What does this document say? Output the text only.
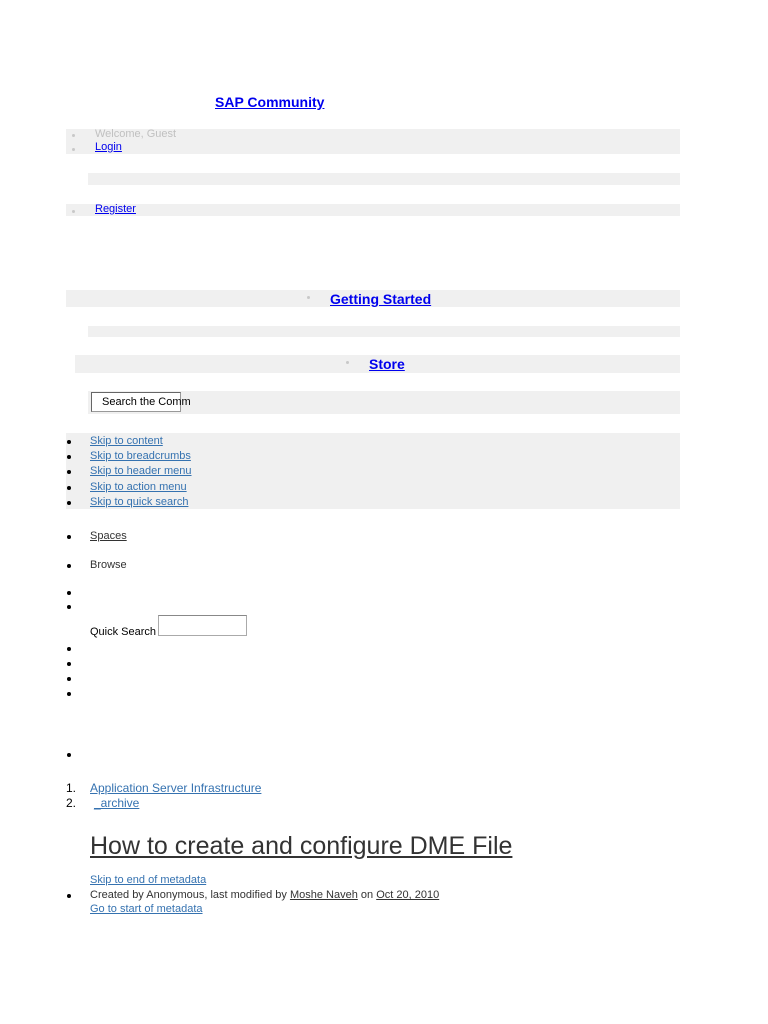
SAP Community
Welcome, Guest
Login
Register
Getting Started
Store
Search the Comm
Skip to content
Skip to breadcrumbs
Skip to header menu
Skip to action menu
Skip to quick search
Spaces
Browse
Quick Search
1. Application Server Infrastructure
2. _archive
How to create and configure DME File
Skip to end of metadata
Created by Anonymous, last modified by Moshe Naveh on Oct 20, 2010
Go to start of metadata
